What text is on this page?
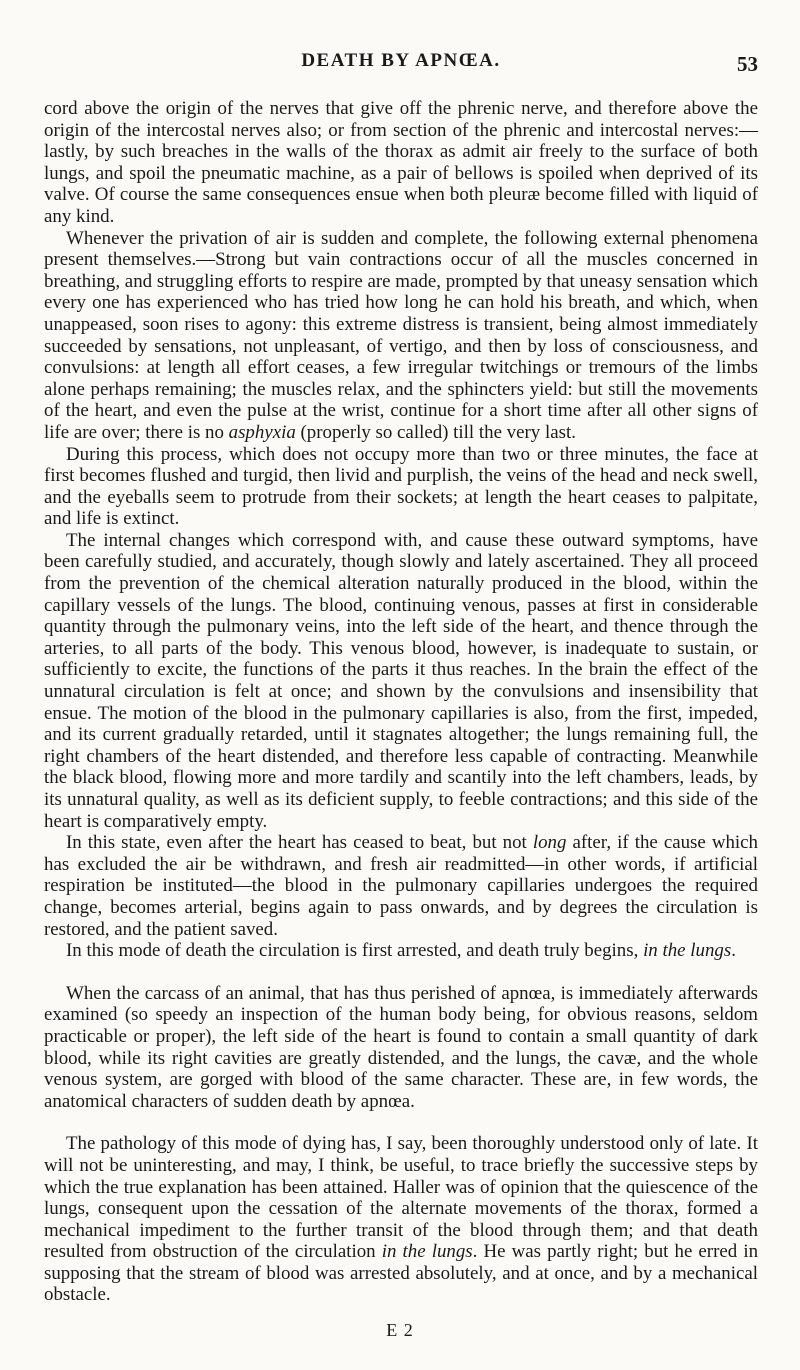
DEATH BY APNŒA.	53

cord above the origin of the nerves that give off the phrenic nerve, and therefore above the origin of the intercostal nerves also; or from section of the phrenic and intercostal nerves:—lastly, by such breaches in the walls of the thorax as admit air freely to the surface of both lungs, and spoil the pneumatic machine, as a pair of bellows is spoiled when deprived of its valve. Of course the same consequences ensue when both pleuræ become filled with liquid of any kind.

Whenever the privation of air is sudden and complete, the following external phenomena present themselves.—Strong but vain contractions occur of all the muscles concerned in breathing, and struggling efforts to respire are made, prompted by that uneasy sensation which every one has experienced who has tried how long he can hold his breath, and which, when unappeased, soon rises to agony: this extreme distress is transient, being almost immediately succeeded by sensations, not unpleasant, of vertigo, and then by loss of consciousness, and convulsions: at length all effort ceases, a few irregular twitchings or tremours of the limbs alone perhaps remaining; the muscles relax, and the sphincters yield: but still the movements of the heart, and even the pulse at the wrist, continue for a short time after all other signs of life are over; there is no asphyxia (properly so called) till the very last.

During this process, which does not occupy more than two or three minutes, the face at first becomes flushed and turgid, then livid and purplish, the veins of the head and neck swell, and the eyeballs seem to protrude from their sockets; at length the heart ceases to palpitate, and life is extinct.

The internal changes which correspond with, and cause these outward symptoms, have been carefully studied, and accurately, though slowly and lately ascertained. They all proceed from the prevention of the chemical alteration naturally produced in the blood, within the capillary vessels of the lungs. The blood, continuing venous, passes at first in considerable quantity through the pulmonary veins, into the left side of the heart, and thence through the arteries, to all parts of the body. This venous blood, however, is inadequate to sustain, or sufficiently to excite, the functions of the parts it thus reaches. In the brain the effect of the unnatural circulation is felt at once; and shown by the convulsions and insensibility that ensue. The motion of the blood in the pulmonary capillaries is also, from the first, impeded, and its current gradually retarded, until it stagnates altogether; the lungs remaining full, the right chambers of the heart distended, and therefore less capable of contracting. Meanwhile the black blood, flowing more and more tardily and scantily into the left chambers, leads, by its unnatural quality, as well as its deficient supply, to feeble contractions; and this side of the heart is comparatively empty.

In this state, even after the heart has ceased to beat, but not long after, if the cause which has excluded the air be withdrawn, and fresh air readmitted—in other words, if artificial respiration be instituted—the blood in the pulmonary capillaries undergoes the required change, becomes arterial, begins again to pass onwards, and by degrees the circulation is restored, and the patient saved.

In this mode of death the circulation is first arrested, and death truly begins, in the lungs.

When the carcass of an animal, that has thus perished of apnœa, is immediately afterwards examined (so speedy an inspection of the human body being, for obvious reasons, seldom practicable or proper), the left side of the heart is found to contain a small quantity of dark blood, while its right cavities are greatly distended, and the lungs, the cavæ, and the whole venous system, are gorged with blood of the same character. These are, in few words, the anatomical characters of sudden death by apnœa.

The pathology of this mode of dying has, I say, been thoroughly understood only of late. It will not be uninteresting, and may, I think, be useful, to trace briefly the successive steps by which the true explanation has been attained. Haller was of opinion that the quiescence of the lungs, consequent upon the cessation of the alternate movements of the thorax, formed a mechanical impediment to the further transit of the blood through them; and that death resulted from obstruction of the circulation in the lungs. He was partly right; but he erred in supposing that the stream of blood was arrested absolutely, and at once, and by a mechanical obstacle.

E 2
